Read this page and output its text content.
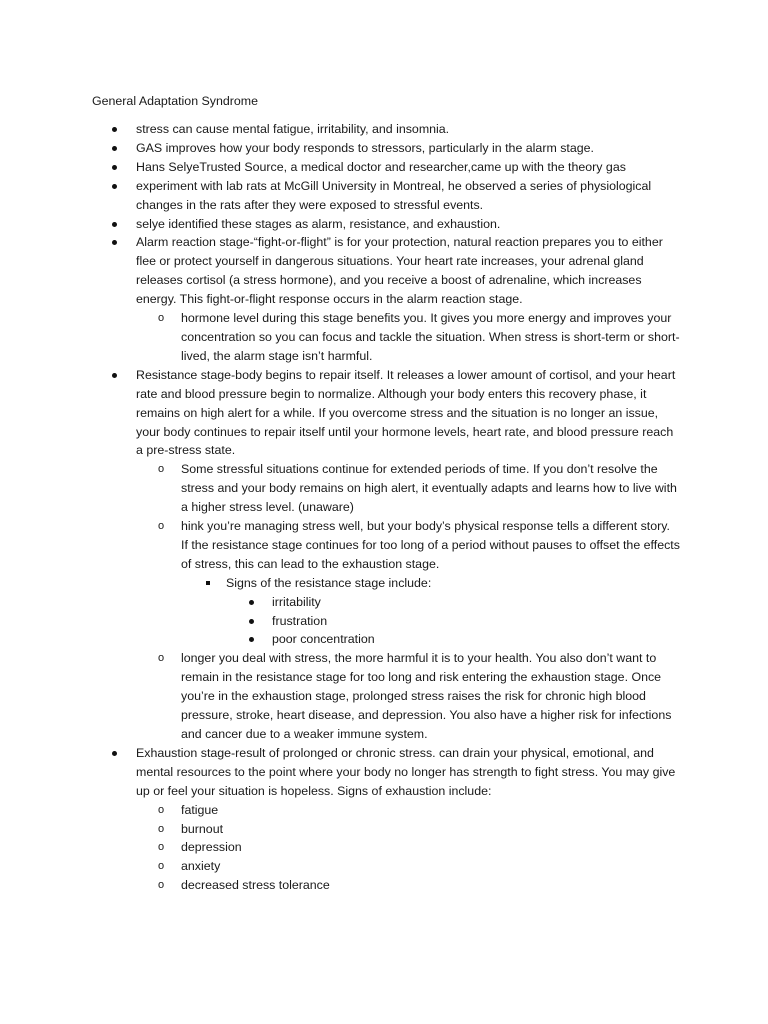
General Adaptation Syndrome

stress can cause mental fatigue, irritability, and insomnia.
GAS improves how your body responds to stressors, particularly in the alarm stage.
Hans SelyeTrusted Source, a medical doctor and researcher,came up with the theory gas
experiment with lab rats at McGill University in Montreal, he observed a series of physiological changes in the rats after they were exposed to stressful events.
selye identified these stages as alarm, resistance, and exhaustion.
Alarm reaction stage-“fight-or-flight” is for your protection, natural reaction prepares you to either flee or protect yourself in dangerous situations. Your heart rate increases, your adrenal gland releases cortisol (a stress hormone), and you receive a boost of adrenaline, which increases energy. This fight-or-flight response occurs in the alarm reaction stage.
o hormone level during this stage benefits you. It gives you more energy and improves your concentration so you can focus and tackle the situation. When stress is short-term or short-lived, the alarm stage isn’t harmful.
Resistance stage-body begins to repair itself. It releases a lower amount of cortisol, and your heart rate and blood pressure begin to normalize. Although your body enters this recovery phase, it remains on high alert for a while. If you overcome stress and the situation is no longer an issue, your body continues to repair itself until your hormone levels, heart rate, and blood pressure reach a pre-stress state.
o Some stressful situations continue for extended periods of time. If you don’t resolve the stress and your body remains on high alert, it eventually adapts and learns how to live with a higher stress level. (unaware)
o hink you’re managing stress well, but your body’s physical response tells a different story. If the resistance stage continues for too long of a period without pauses to offset the effects of stress, this can lead to the exhaustion stage.
Signs of the resistance stage include:
irritability
frustration
poor concentration
o longer you deal with stress, the more harmful it is to your health. You also don’t want to remain in the resistance stage for too long and risk entering the exhaustion stage. Once you’re in the exhaustion stage, prolonged stress raises the risk for chronic high blood pressure, stroke, heart disease, and depression. You also have a higher risk for infections and cancer due to a weaker immune system.
Exhaustion stage-result of prolonged or chronic stress. can drain your physical, emotional, and mental resources to the point where your body no longer has strength to fight stress. You may give up or feel your situation is hopeless. Signs of exhaustion include:
o fatigue
o burnout
o depression
o anxiety
o decreased stress tolerance
